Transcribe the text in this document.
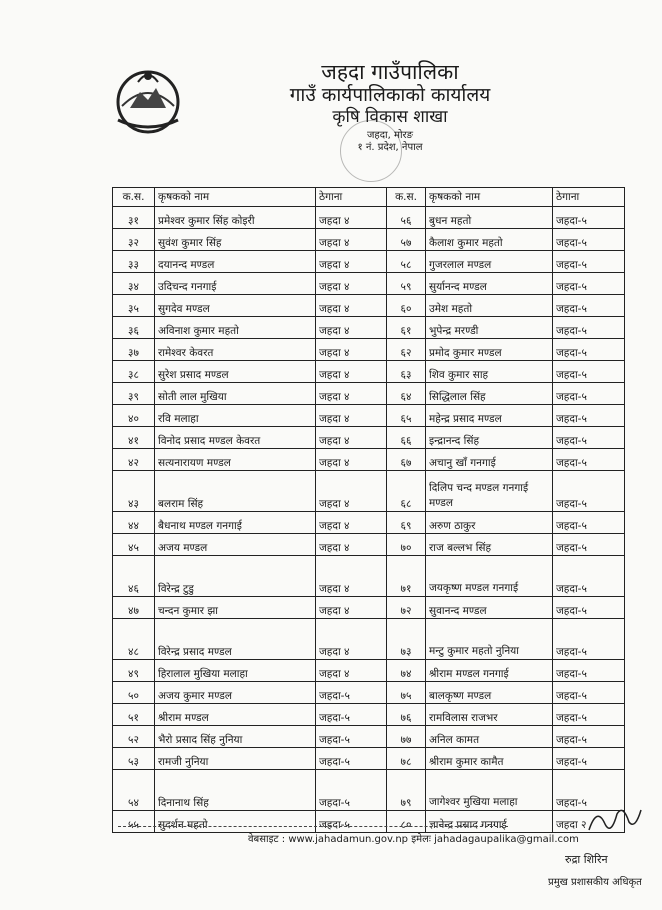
जहदा गाउँपालिका
गाउँ कार्यपालिकाको कार्यालय
कृषि विकास शाखा
जहदा, मोरङ
१ नं. प्रदेश, नेपाल
क.स.	कृषकको नाम	ठेगाना	क.स.	कृषकको नाम	ठेगाना
३१	प्रमेश्वर कुमार सिंह कोइरी	जहदा ४	५६	बुधन महतो	जहदा-५
३२	सुवंश कुमार सिंह	जहदा ४	५७	कैलाश कुमार महतो	जहदा-५
३३	दयानन्द मण्डल	जहदा ४	५८	गुजरलाल मण्डल	जहदा-५
३४	उदिचन्द गनगाई	जहदा ४	५९	सुर्यानन्द मण्डल	जहदा-५
३५	सुगदेव मण्डल	जहदा ४	६०	उमेश महतो	जहदा-५
३६	अविनाश कुमार महतो	जहदा ४	६१	भुपेन्द्र मरण्डी	जहदा-५
३७	रामेश्वर केवरत	जहदा ४	६२	प्रमोद कुमार मण्डल	जहदा-५
३८	सुरेश प्रसाद मण्डल	जहदा ४	६३	शिव कुमार साह	जहदा-५
३९	सोती लाल मुखिया	जहदा ४	६४	सिद्धिलाल सिंह	जहदा-५
४०	रवि मलाहा	जहदा ४	६५	महेन्द्र प्रसाद मण्डल	जहदा-५
४१	विनोद प्रसाद मण्डल केवरत	जहदा ४	६६	इन्द्रानन्द सिंह	जहदा-५
४२	सत्यनारायण मण्डल	जहदा ४	६७	अचानु खाँ गनगाई	जहदा-५
४३	बलराम सिंह	जहदा ४	६८	दिलिप चन्द मण्डल गनगाई मण्डल	जहदा-५
४४	बैधनाथ मण्डल गनगाई	जहदा ४	६९	अरुण ठाकुर	जहदा-५
४५	अजय मण्डल	जहदा ४	७०	राज बल्लभ सिंह	जहदा-५
४६	विरेन्द्र टुडु	जहदा ४	७१	जयकृष्ण मण्डल गनगाई	जहदा-५
४७	चन्दन कुमार झा	जहदा ४	७२	सुवानन्द मण्डल	जहदा-५
४८	विरेन्द्र प्रसाद मण्डल	जहदा ४	७३	मन्टु कुमार महतो नुनिया	जहदा-५
४९	हिरालाल मुखिया मलाहा	जहदा ४	७४	श्रीराम मण्डल गनगाई	जहदा-५
५०	अजय कुमार मण्डल	जहदा-५	७५	बालकृष्ण मण्डल	जहदा-५
५१	श्रीराम मण्डल	जहदा-५	७६	रामविलास राजभर	जहदा-५
५२	भैरो प्रसाद सिंह नुनिया	जहदा-५	७७	अनिल कामत	जहदा-५
५३	रामजी नुनिया	जहदा-५	७८	श्रीराम कुमार कामैत	जहदा-५
५४	दिनानाथ सिंह	जहदा-५	७९	जागेश्वर मुखिया मलाहा	जहदा-५
५५	सुदर्शन महतो	जहदा-५	८०	ज्ञानेन्द्र प्रसाद गनगाई	जहदा २
वेबसाइट : www.jahadamun.gov.np इमेलः jahadagaupalika@gmail.com
रुद्रा शिरिन
प्रमुख प्रशासकीय अधिकृत
